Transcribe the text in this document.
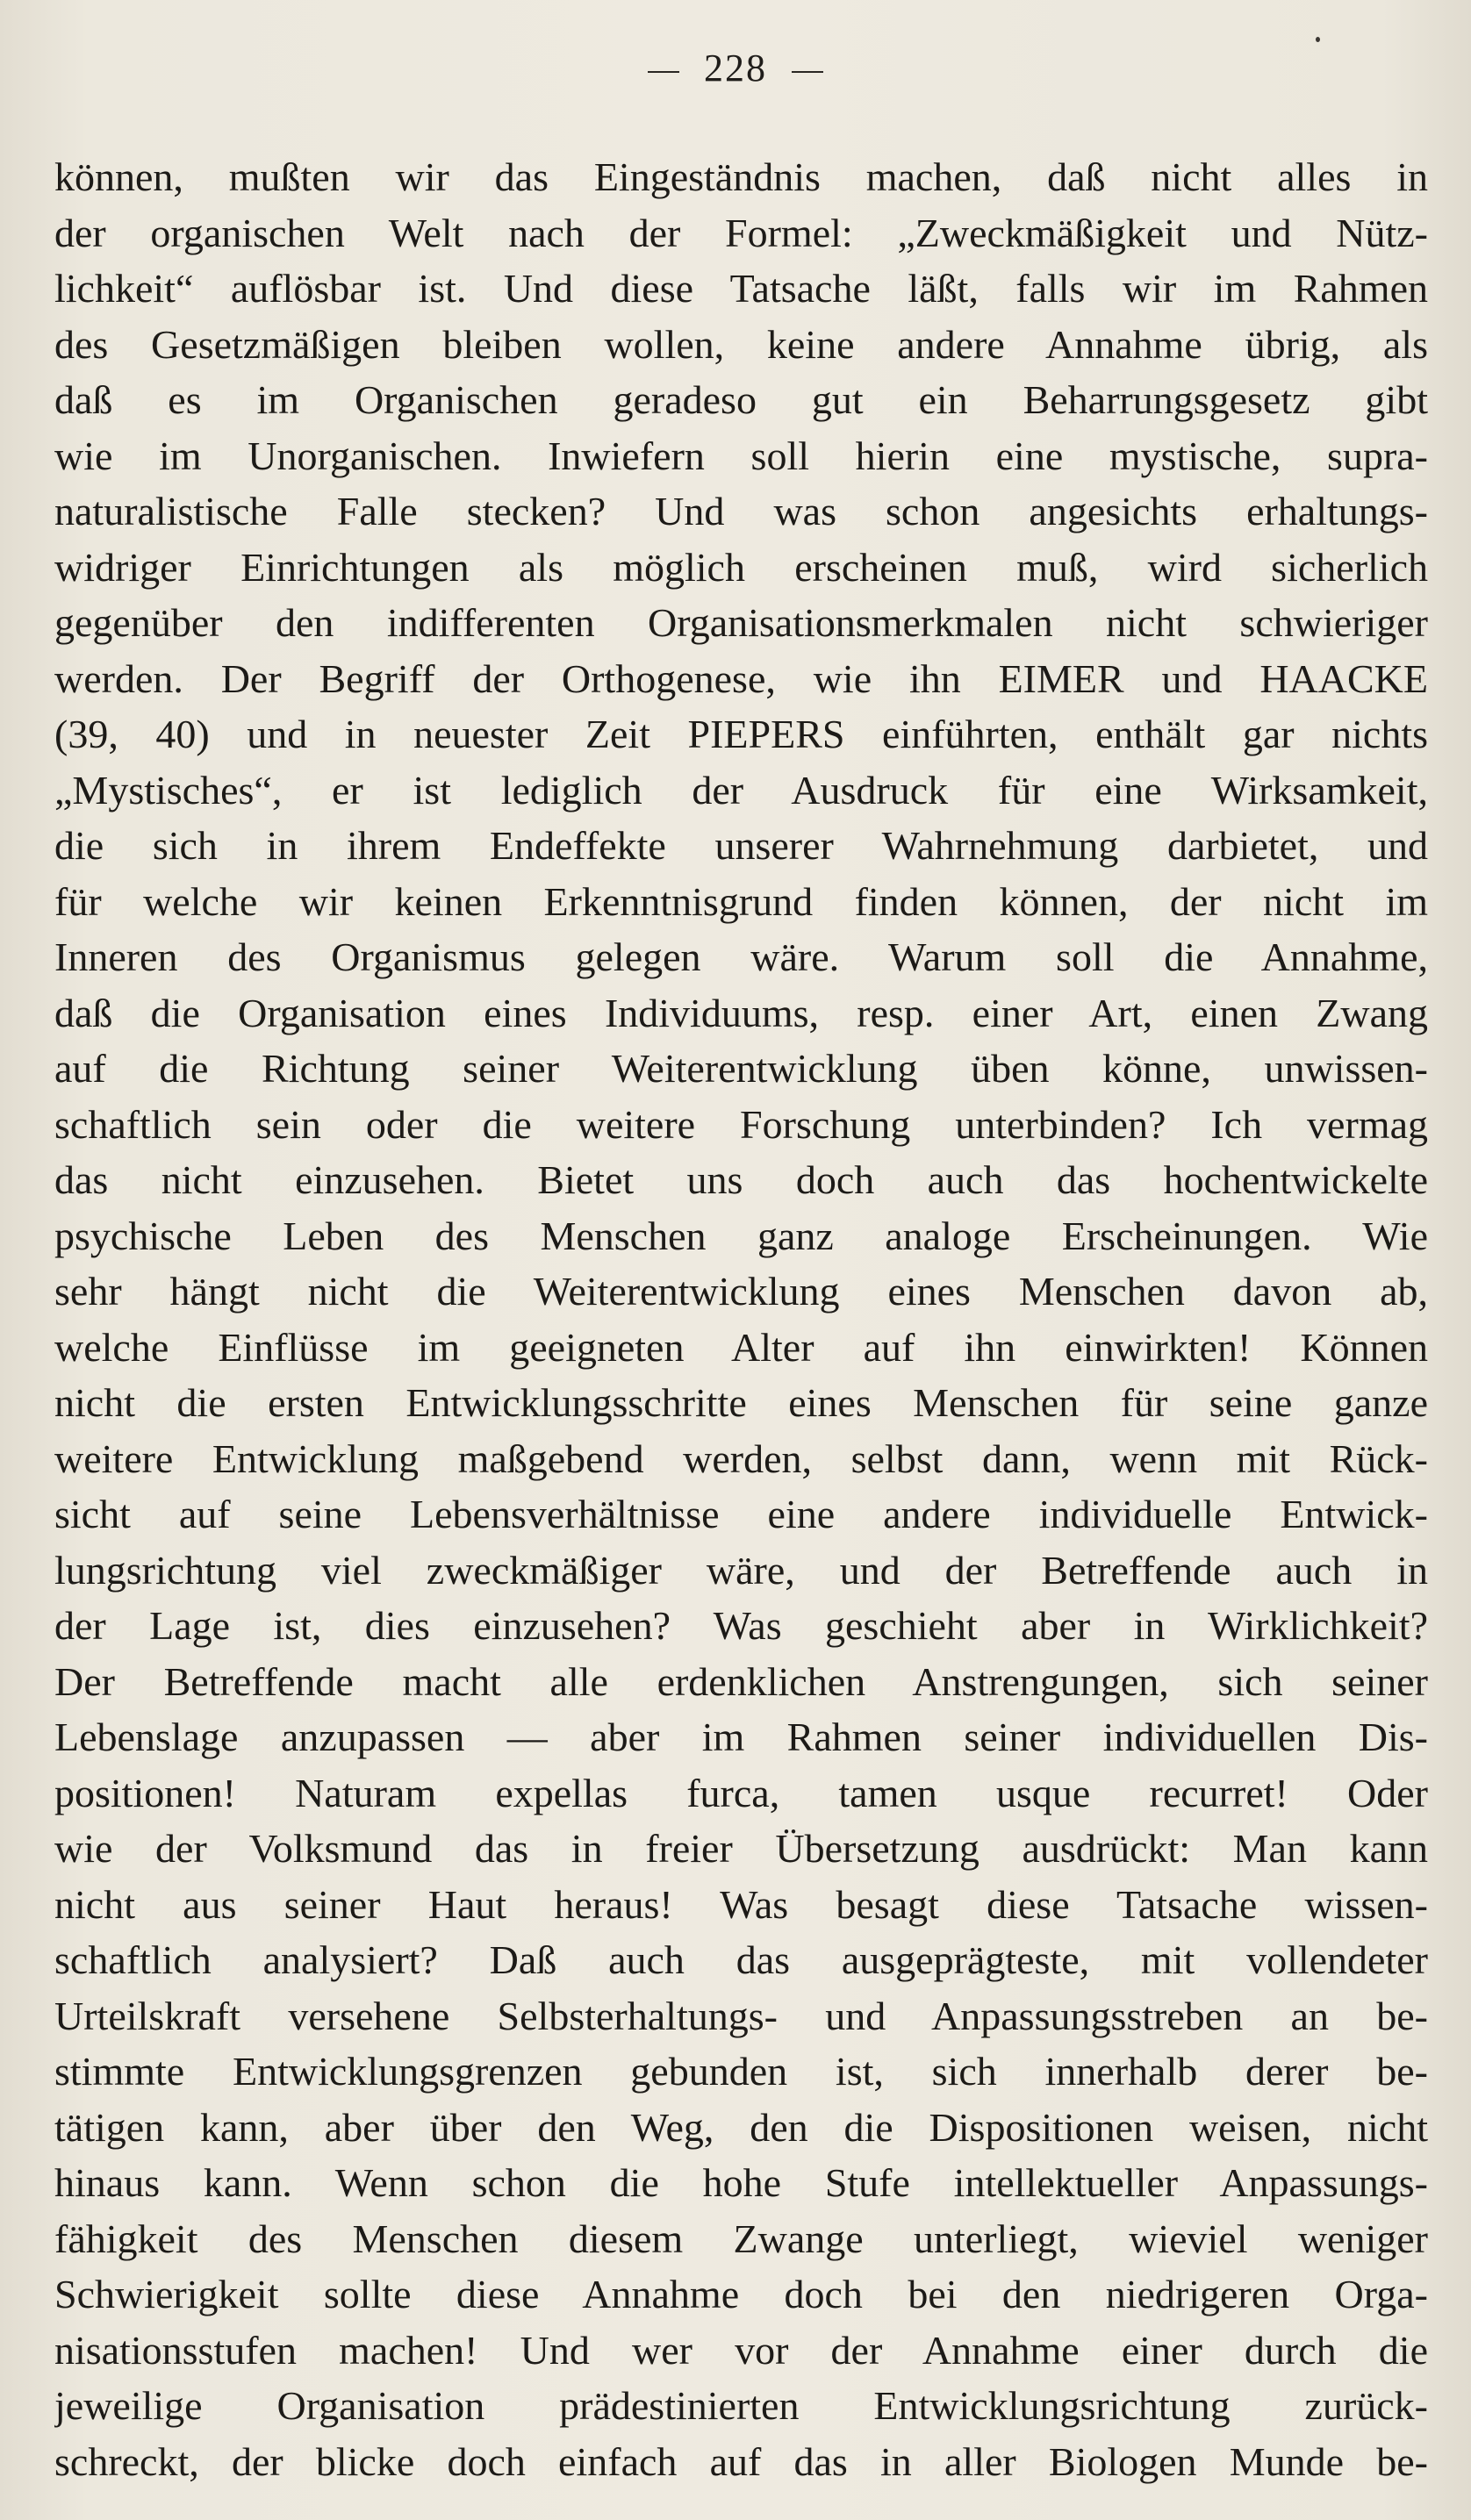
228
können, mußten wir das Eingeständnis machen, daß nicht alles in
der organischen Welt nach der Formel: „Zweckmäßigkeit und Nütz-
lichkeit“ auflösbar ist. Und diese Tatsache läßt, falls wir im Rahmen
des Gesetzmäßigen bleiben wollen, keine andere Annahme übrig, als
daß es im Organischen geradeso gut ein Beharrungsgesetz gibt
wie im Unorganischen. Inwiefern soll hierin eine mystische, supra-
naturalistische Falle stecken? Und was schon angesichts erhaltungs-
widriger Einrichtungen als möglich erscheinen muß, wird sicherlich
gegenüber den indifferenten Organisationsmerkmalen nicht schwieriger
werden. Der Begriff der Orthogenese, wie ihn EIMER und HAACKE
(39, 40) und in neuester Zeit PIEPERS einführten, enthält gar nichts
„Mystisches“, er ist lediglich der Ausdruck für eine Wirksamkeit,
die sich in ihrem Endeffekte unserer Wahrnehmung darbietet, und
für welche wir keinen Erkenntnisgrund finden können, der nicht im
Inneren des Organismus gelegen wäre. Warum soll die Annahme,
daß die Organisation eines Individuums, resp. einer Art, einen Zwang
auf die Richtung seiner Weiterentwicklung üben könne, unwissen-
schaftlich sein oder die weitere Forschung unterbinden? Ich vermag
das nicht einzusehen. Bietet uns doch auch das hochentwickelte
psychische Leben des Menschen ganz analoge Erscheinungen. Wie
sehr hängt nicht die Weiterentwicklung eines Menschen davon ab,
welche Einflüsse im geeigneten Alter auf ihn einwirkten! Können
nicht die ersten Entwicklungsschritte eines Menschen für seine ganze
weitere Entwicklung maßgebend werden, selbst dann, wenn mit Rück-
sicht auf seine Lebensverhältnisse eine andere individuelle Entwick-
lungsrichtung viel zweckmäßiger wäre, und der Betreffende auch in
der Lage ist, dies einzusehen? Was geschieht aber in Wirklichkeit?
Der Betreffende macht alle erdenklichen Anstrengungen, sich seiner
Lebenslage anzupassen — aber im Rahmen seiner individuellen Dis-
positionen! Naturam expellas furca, tamen usque recurret! Oder
wie der Volksmund das in freier Übersetzung ausdrückt: Man kann
nicht aus seiner Haut heraus! Was besagt diese Tatsache wissen-
schaftlich analysiert? Daß auch das ausgeprägteste, mit vollendeter
Urteilskraft versehene Selbsterhaltungs- und Anpassungsstreben an be-
stimmte Entwicklungsgrenzen gebunden ist, sich innerhalb derer be-
tätigen kann, aber über den Weg, den die Dispositionen weisen, nicht
hinaus kann. Wenn schon die hohe Stufe intellektueller Anpassungs-
fähigkeit des Menschen diesem Zwange unterliegt, wieviel weniger
Schwierigkeit sollte diese Annahme doch bei den niedrigeren Orga-
nisationsstufen machen! Und wer vor der Annahme einer durch die
jeweilige Organisation prädestinierten Entwicklungsrichtung zurück-
schreckt, der blicke doch einfach auf das in aller Biologen Munde be-
